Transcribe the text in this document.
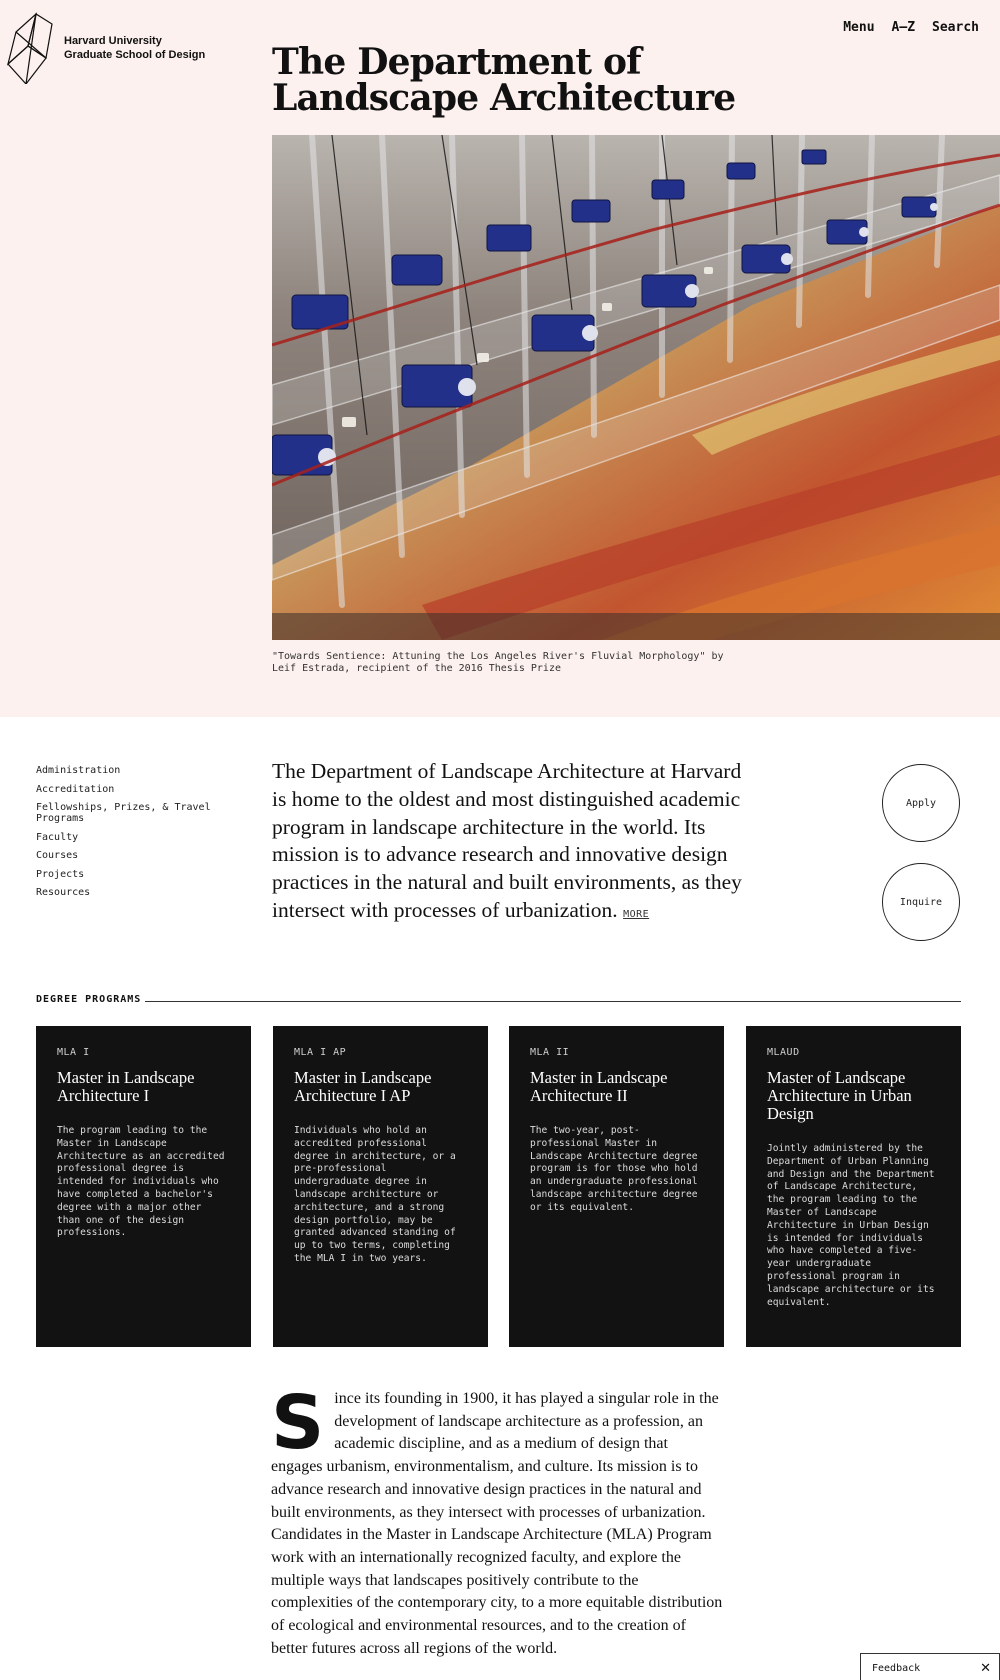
Harvard University
Graduate School of Design
Menu A–Z Search
The Department of
Landscape Architecture

"Towards Sentience: Attuning the Los Angeles River's Fluvial Morphology" by Leif Estrada, recipient of the 2016 Thesis Prize

Administration
Accreditation
Fellowships, Prizes, & Travel Programs
Faculty
Courses
Projects
Resources

The Department of Landscape Architecture at Harvard is home to the oldest and most distinguished academic program in landscape architecture in the world. Its mission is to advance research and innovative design practices in the natural and built environments, as they intersect with processes of urbanization. MORE

Apply
Inquire
DEGREE PROGRAMS
MLA I
Master in Landscape Architecture I
The program leading to the Master in Landscape Architecture as an accredited professional degree is intended for individuals who have completed a bachelor's degree with a major other than one of the design professions.
MLA I AP
Master in Landscape Architecture I AP
Individuals who hold an accredited professional degree in architecture, or a pre-professional undergraduate degree in landscape architecture or architecture, and a strong design portfolio, may be granted advanced standing of up to two terms, completing the MLA I in two years.
MLA II
Master in Landscape Architecture II
The two-year, post-professional Master in Landscape Architecture degree program is for those who hold an undergraduate professional landscape architecture degree or its equivalent.
MLAUD
Master of Landscape Architecture in Urban Design
Jointly administered by the Department of Urban Planning and Design and the Department of Landscape Architecture, the program leading to the Master of Landscape Architecture in Urban Design is intended for individuals who have completed a five-year undergraduate professional program in landscape architecture or its equivalent.
Since its founding in 1900, it has played a singular role in the development of landscape architecture as a profession, an academic discipline, and as a medium of design that engages urbanism, environmentalism, and culture. Its mission is to advance research and innovative design practices in the natural and built environments, as they intersect with processes of urbanization. Candidates in the Master in Landscape Architecture (MLA) Program work with an internationally recognized faculty, and explore the multiple ways that landscapes positively contribute to the complexities of the contemporary city, to a more equitable distribution of ecological and environmental resources, and to the creation of better futures across all regions of the world.
Feedback	✕
